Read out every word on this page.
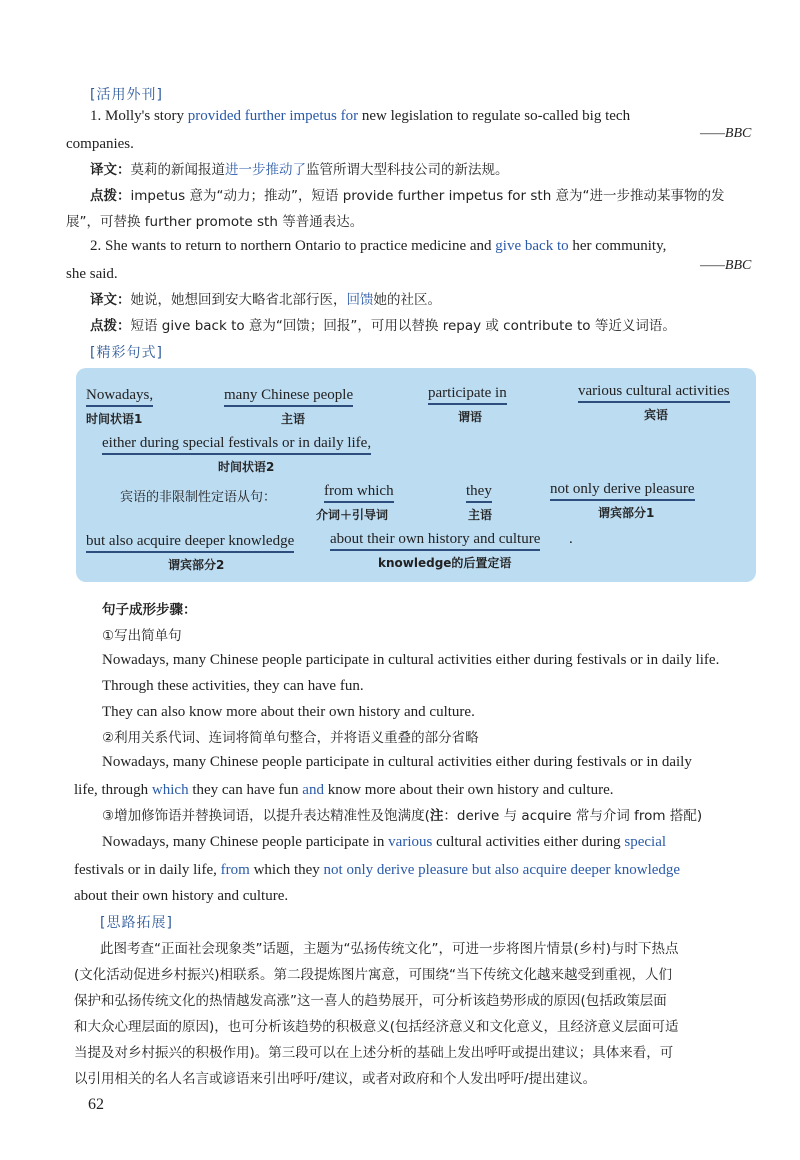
[活用外刊]
1. Molly's story provided further impetus for new legislation to regulate so-called big tech
companies.
——BBC
译文：莫莉的新闻报道进一步推动了监管所谓大型科技公司的新法规。
点拨：impetus 意为“动力；推动”，短语 provide further impetus for sth 意为“进一步推动某事物的发
展”，可替换 further promote sth 等普通表达。
2. She wants to return to northern Ontario to practice medicine and give back to her community,
she said.
——BBC
译文：她说，她想回到安大略省北部行医，回馈她的社区。
点拨：短语 give back to 意为“回馈；回报”，可用以替换 repay 或 contribute to 等近义词语。
[精彩句式]
Nowadays,
时间状语1
many Chinese people
主语
participate in
谓语
various cultural activities
宾语
either during special festivals or in daily life,
时间状语2
宾语的非限制性定语从句：	from which
介词＋引导词
they
主语
not only derive pleasure
谓宾部分1
but also acquire deeper knowledge
谓宾部分2
about their own history and culture .
knowledge的后置定语
句子成形步骤：
①写出简单句
Nowadays, many Chinese people participate in cultural activities either during festivals or in daily life.
Through these activities, they can have fun.
They can also know more about their own history and culture.
②利用关系代词、连词将简单句整合，并将语义重叠的部分省略
Nowadays, many Chinese people participate in cultural activities either during festivals or in daily
life, through which they can have fun and know more about their own history and culture.
③增加修饰语并替换词语，以提升表达精准性及饱满度(注：derive 与 acquire 常与介词 from 搭配)
Nowadays, many Chinese people participate in various cultural activities either during special
festivals or in daily life, from which they not only derive pleasure but also acquire deeper knowledge
about their own history and culture.
[思路拓展]
此图考查“正面社会现象类”话题，主题为“弘扬传统文化”，可进一步将图片情景(乡村)与时下热点
(文化活动促进乡村振兴)相联系。第二段提炼图片寓意，可围绕“当下传统文化越来越受到重视，人们
保护和弘扬传统文化的热情越发高涨”这一喜人的趋势展开，可分析该趋势形成的原因(包括政策层面
和大众心理层面的原因)，也可分析该趋势的积极意义(包括经济意义和文化意义，且经济意义层面可适
当提及对乡村振兴的积极作用)。第三段可以在上述分析的基础上发出呼吁或提出建议；具体来看，可
以引用相关的名人名言或谚语来引出呼吁/建议，或者对政府和个人发出呼吁/提出建议。
62
